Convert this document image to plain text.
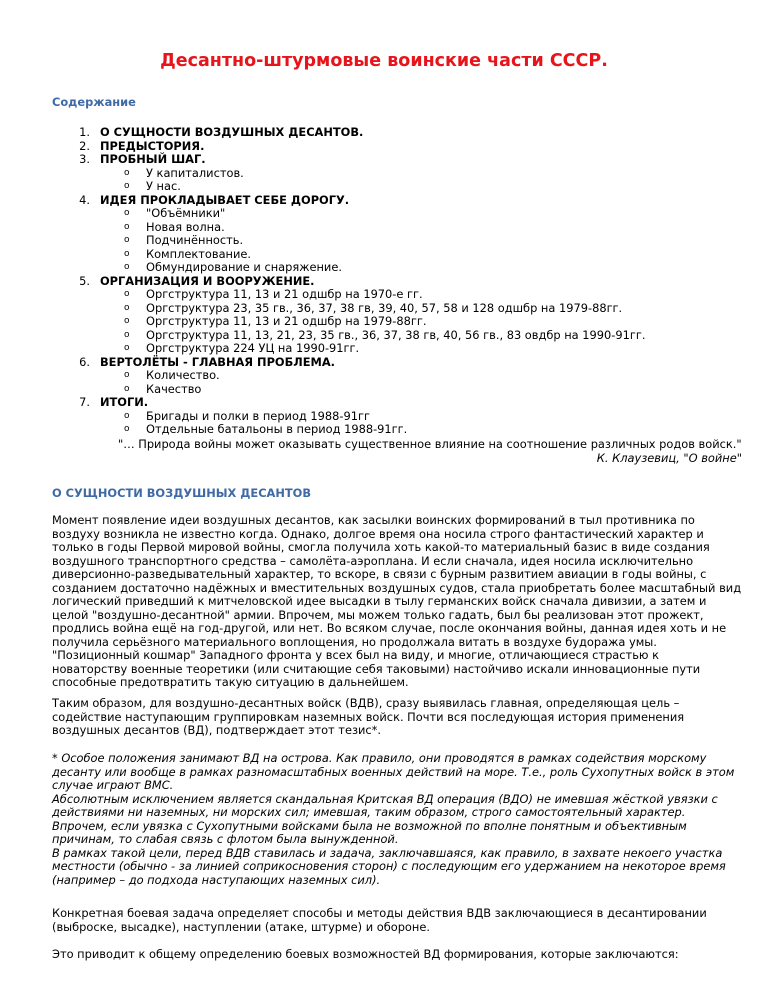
Десантно-штурмовые воинские части СССР.
Содержание
1. О СУЩНОСТИ ВОЗДУШНЫХ ДЕСАНТОВ.
2. ПРЕДЫСТОРИЯ.
3. ПРОБНЫЙ ШАГ.
o У капиталистов.
o У нас.
4. ИДЕЯ ПРОКЛАДЫВАЕТ СЕБЕ ДОРОГУ.
o "Объёмники"
o Новая волна.
o Подчинённость.
o Комплектование.
o Обмундирование и снаряжение.
5. ОРГАНИЗАЦИЯ И ВООРУЖЕНИЕ.
o Оргструктура 11, 13 и 21 одшбр на 1970-е гг.
o Оргструктура 23, 35 гв., 36, 37, 38 гв, 39, 40, 57, 58 и 128 одшбр на 1979-88гг.
o Оргструктура 11, 13 и 21 одшбр на 1979-88гг.
o Оргструктура 11, 13, 21, 23, 35 гв., 36, 37, 38 гв, 40, 56 гв., 83 овдбр на 1990-91гг.
o Оргструктура 224 УЦ на 1990-91гг.
6. ВЕРТОЛЁТЫ - ГЛАВНАЯ ПРОБЛЕМА.
o Количество.
o Качество
7. ИТОГИ.
o Бригады и полки в период 1988-91гг
o Отдельные батальоны в период 1988-91гг.
"… Природа войны может оказывать существенное влияние на соотношение различных родов войск."
К. Клаузевиц, "О войне"
О СУЩНОСТИ ВОЗДУШНЫХ ДЕСАНТОВ
Момент появление идеи воздушных десантов, как засылки воинских формирований в тыл противника по
воздуху возникла не известно когда. Однако, долгое время она носила строго фантастический характер и
только в годы Первой мировой войны, смогла получила хоть какой-то материальный базис в виде создания
воздушного транспортного средства – самолёта-аэроплана. И если сначала, идея носила исключительно
диверсионно-разведывательный характер, то вскоре, в связи с бурным развитием авиации в годы войны, с
созданием достаточно надёжных и вместительных воздушных судов, стала приобретать более масштабный вид
логический приведший к митчеловской идее высадки в тылу германских войск сначала дивизии, а затем и
целой "воздушно-десантной" армии. Впрочем, мы можем только гадать, был бы реализован этот прожект,
продлись война ещё на год-другой, или нет. Во всяком случае, после окончания войны, данная идея хоть и не
получила серьёзного материального воплощения, но продолжала витать в воздухе будоража умы.
"Позиционный кошмар" Западного фронта у всех был на виду, и многие, отличающиеся страстью к
новаторству военные теоретики (или считающие себя таковыми) настойчиво искали инновационные пути
способные предотвратить такую ситуацию в дальнейшем.
Таким образом, для воздушно-десантных войск (ВДВ), сразу выявилась главная, определяющая цель –
содействие наступающим группировкам наземных войск. Почти вся последующая история применения
воздушных десантов (ВД), подтверждает этот тезис*.
* Особое положения занимают ВД на острова. Как правило, они проводятся в рамках содействия морскому
десанту или вообще в рамках разномасштабных военных действий на море. Т.е., роль Сухопутных войск в этом
случае играют ВМС.
Абсолютным исключением является скандальная Критская ВД операция (ВДО) не имевшая жёсткой увязки с
действиями ни наземных, ни морских сил; имевшая, таким образом, строго самостоятельный характер.
Впрочем, если увязка с Сухопутными войсками была не возможной по вполне понятным и объективным
причинам, то слабая связь с флотом была вынужденной.
В рамках такой цели, перед ВДВ ставилась и задача, заключавшаяся, как правило, в захвате некоего участка
местности (обычно - за линией соприкосновения сторон) с последующим его удержанием на некоторое время
(например – до подхода наступающих наземных сил).
Конкретная боевая задача определяет способы и методы действия ВДВ заключающиеся в десантировании
(выброске, высадке), наступлении (атаке, штурме) и обороне.
Это приводит к общему определению боевых возможностей ВД формирования, которые заключаются:
